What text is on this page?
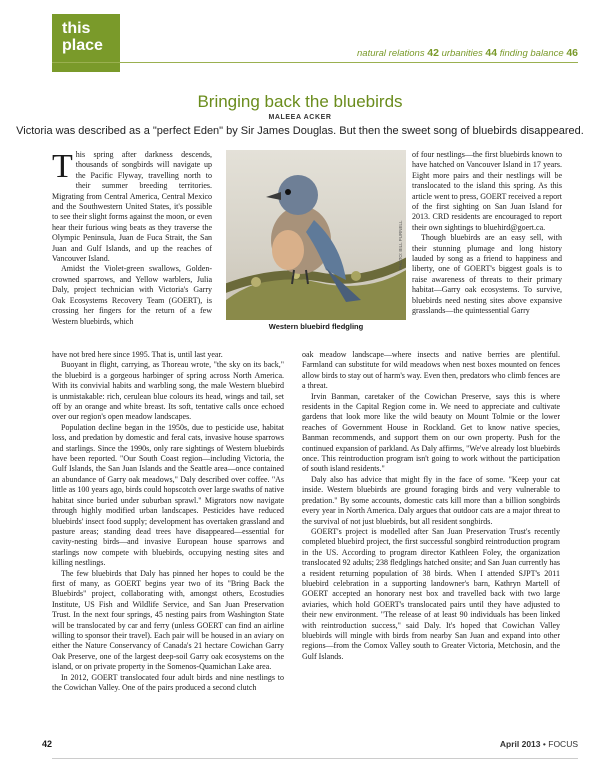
this
place	natural relations 42 urbanities 44 finding balance 46
Bringing back the bluebirds
MALEEA ACKER
Victoria was described as a "perfect Eden" by Sir James Douglas. But then the sweet song of bluebirds disappeared.

This spring after darkness descends, thousands of songbirds will navigate up the Pacific Flyway, travelling north to their summer breeding territories. Migrating from Central America, Central Mexico and the Southwestern United States, it's possible to see their slight forms against the moon, or even hear their furious wing beats as they traverse the Olympic Peninsula, Juan de Fuca Strait, the San Juan and Gulf Islands, and up the reaches of Vancouver Island.

Amidst the Violet-green swallows, Golden-crowned sparrows, and Yellow warblers, Julia Daly, project technician with Victoria's Garry Oak Ecosystems Recovery Team (GOERT), is crossing her fingers for the return of a few Western bluebirds, which

PHOTO: BILL PURNELL
Western bluebird fledgling

of four nestlings—the first bluebirds known to have hatched on Vancouver Island in 17 years. Eight more pairs and their nestlings will be translocated to the island this spring. As this article went to press, GOERT received a report of the first sighting on San Juan Island for 2013. CRD residents are encouraged to report their own sightings to bluehird@goert.ca.

Though bluebirds are an easy sell, with their stunning plumage and long history lauded by song as a friend to happiness and liberty, one of GOERT's biggest goals is to raise awareness of threats to their primary habitat—Garry oak ecosystems. To survive, bluebirds need nesting sites above expansive grasslands—the quintessential Garry

have not bred here since 1995. That is, until last year.

Buoyant in flight, carrying, as Thoreau wrote, "the sky on its back," the bluebird is a gorgeous harbinger of spring across North America. With its convivial habits and warbling song, the male Western bluebird is unmistakable: rich, cerulean blue colours its head, wings and tail, set off by an orange and white breast. Its soft, tentative calls once echoed over our region's open meadow landscapes.

Population decline began in the 1950s, due to pesticide use, habitat loss, and predation by domestic and feral cats, invasive house sparrows and starlings. Since the 1990s, only rare sightings of Western bluebirds have been reported. "Our South Coast region—including Victoria, the Gulf Islands, the San Juan Islands and the Seattle area—once contained an abundance of Garry oak meadows," Daly described over coffee. "As little as 100 years ago, birds could hopscotch over large swaths of native habitat since buried under suburban sprawl." Migrators now navigate through highly modified urban landscapes. Pesticides have reduced bluebirds' insect food supply; development has overtaken grassland and pasture areas; standing dead trees have disappeared—essential for cavity-nesting birds—and invasive European house sparrows and starlings now compete with bluebirds, occupying nesting sites and killing nestlings.

The few bluebirds that Daly has pinned her hopes to could be the first of many, as GOERT begins year two of its "Bring Back the Bluebirds" project, collaborating with, amongst others, Ecostudies Institute, US Fish and Wildlife Service, and San Juan Preservation Trust. In the next four springs, 45 nesting pairs from Washington State will be translocated by car and ferry (unless GOERT can find an airline willing to sponsor their travel). Each pair will be housed in an aviary on either the Nature Conservancy of Canada's 21 hectare Cowichan Garry Oak Preserve, one of the largest deep-soil Garry oak ecosystems on the island, or on private property in the Somenos-Quamichan Lake area.

In 2012, GOERT translocated four adult birds and nine nestlings to the Cowichan Valley. One of the pairs produced a second clutch

oak meadow landscape—where insects and native berries are plentiful. Farmland can substitute for wild meadows when nest boxes mounted on fences allow birds to stay out of harm's way. Even then, predators who climb fences are a threat.

Irvin Banman, caretaker of the Cowichan Preserve, says this is where residents in the Capital Region come in. We need to appreciate and cultivate gardens that look more like the wild beauty on Mount Tolmie or the lower reaches of Government House in Rockland. Get to know native species, Banman recommends, and support them on our own property. Push for the continued expansion of parkland. As Daly affirms, "We've already lost bluebirds once. This reintroduction program isn't going to work without the participation of south island residents."

Daly also has advice that might fly in the face of some. "Keep your cat inside. Western bluebirds are ground foraging birds and very vulnerable to predation." By some accounts, domestic cats kill more than a billion songbirds every year in North America. Daly argues that outdoor cats are a major threat to the survival of not just bluebirds, but all resident songbirds.

GOERT's project is modelled after San Juan Preservation Trust's recently completed bluebird project, the first successful songbird reintroduction program in the US. According to program director Kathleen Foley, the organization translocated 92 adults; 238 fledglings hatched onsite; and San Juan currently has a resident returning population of 38 birds. When I attended SJPT's 2011 bluebird celebration in a supporting landowner's barn, Kathryn Martell of GOERT accepted an honorary nest box and travelled back with two large aviaries, which hold GOERT's translocated pairs until they have adjusted to their new environment. "The release of at least 90 individuals has been linked with reintroduction success," said Daly. It's hoped that Cowichan Valley bluebirds will mingle with birds from nearby San Juan and expand into other regions—from the Comox Valley south to Greater Victoria, Metchosin, and the Gulf Islands.

42	April 2013 • FOCUS
